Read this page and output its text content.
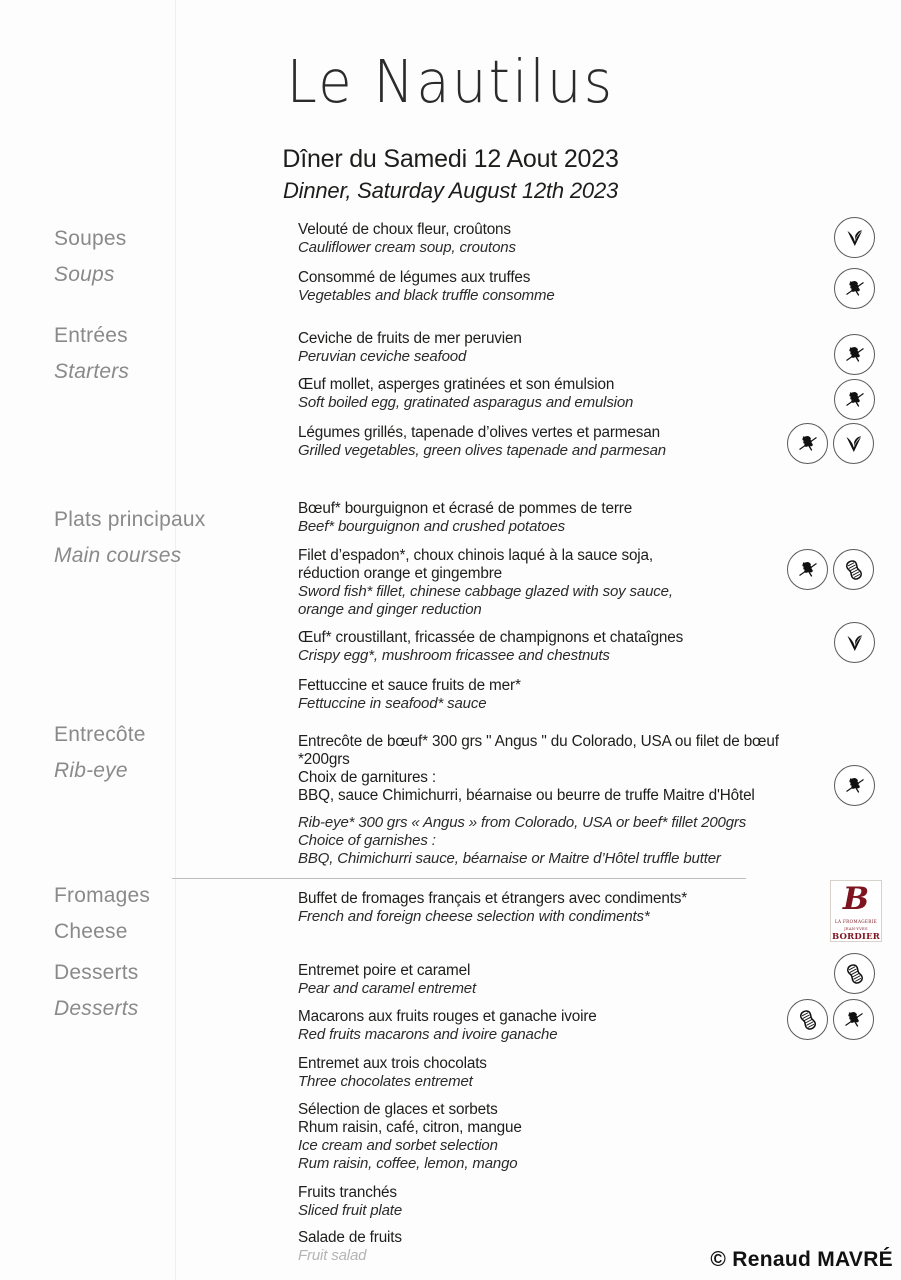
Le Nautilus
Dîner du Samedi 12 Aout 2023
Dinner, Saturday August 12th 2023
Soupes
Soups
Entrées
Starters
Plats principaux
Main courses
Entrecôte
Rib-eye
Fromages
Cheese
Desserts
Desserts
Velouté de choux fleur, croûtons
Cauliflower cream soup, croutons
Consommé de légumes aux truffes
Vegetables and black truffle consomme
Ceviche de fruits de mer peruvien
Peruvian ceviche seafood
Œuf mollet, asperges gratinées et son émulsion
Soft boiled egg, gratinated asparagus and emulsion
Légumes grillés, tapenade d’olives vertes et parmesan
Grilled vegetables, green olives tapenade and parmesan
Bœuf* bourguignon et écrasé de pommes de terre
Beef* bourguignon and crushed potatoes
Filet d’espadon*, choux chinois laqué à la sauce soja,
réduction orange et gingembre
Sword fish* fillet, chinese cabbage glazed with soy sauce,
orange and ginger reduction
Œuf* croustillant, fricassée de champignons et chataîgnes
Crispy egg*, mushroom fricassee and chestnuts
Fettuccine et sauce fruits de mer*
Fettuccine in seafood* sauce
Entrecôte de bœuf* 300 grs " Angus " du Colorado, USA ou filet de bœuf *200grs
Choix de garnitures :
BBQ, sauce Chimichurri, béarnaise ou beurre de truffe Maitre d'Hôtel
Rib-eye* 300 grs « Angus » from Colorado, USA or beef* fillet 200grs
Choice of garnishes :
BBQ, Chimichurri sauce, béarnaise or Maitre d’Hôtel truffle butter
Buffet de fromages français et étrangers avec condiments*
French and foreign cheese selection with condiments*
Entremet poire et caramel
Pear and caramel entremet
Macarons aux fruits rouges et ganache ivoire
Red fruits macarons and ivoire ganache
Entremet aux trois chocolats
Three chocolates entremet
Sélection de glaces et sorbets
Rhum raisin, café, citron, mangue
Ice cream and sorbet selection
Rum raisin, coffee, lemon, mango
Fruits tranchés
Sliced fruit plate
Salade de fruits
Fruit salad
B
LA FROMAGERIE
JEAN-YVES
BORDIER
© Renaud MAVRÉ
